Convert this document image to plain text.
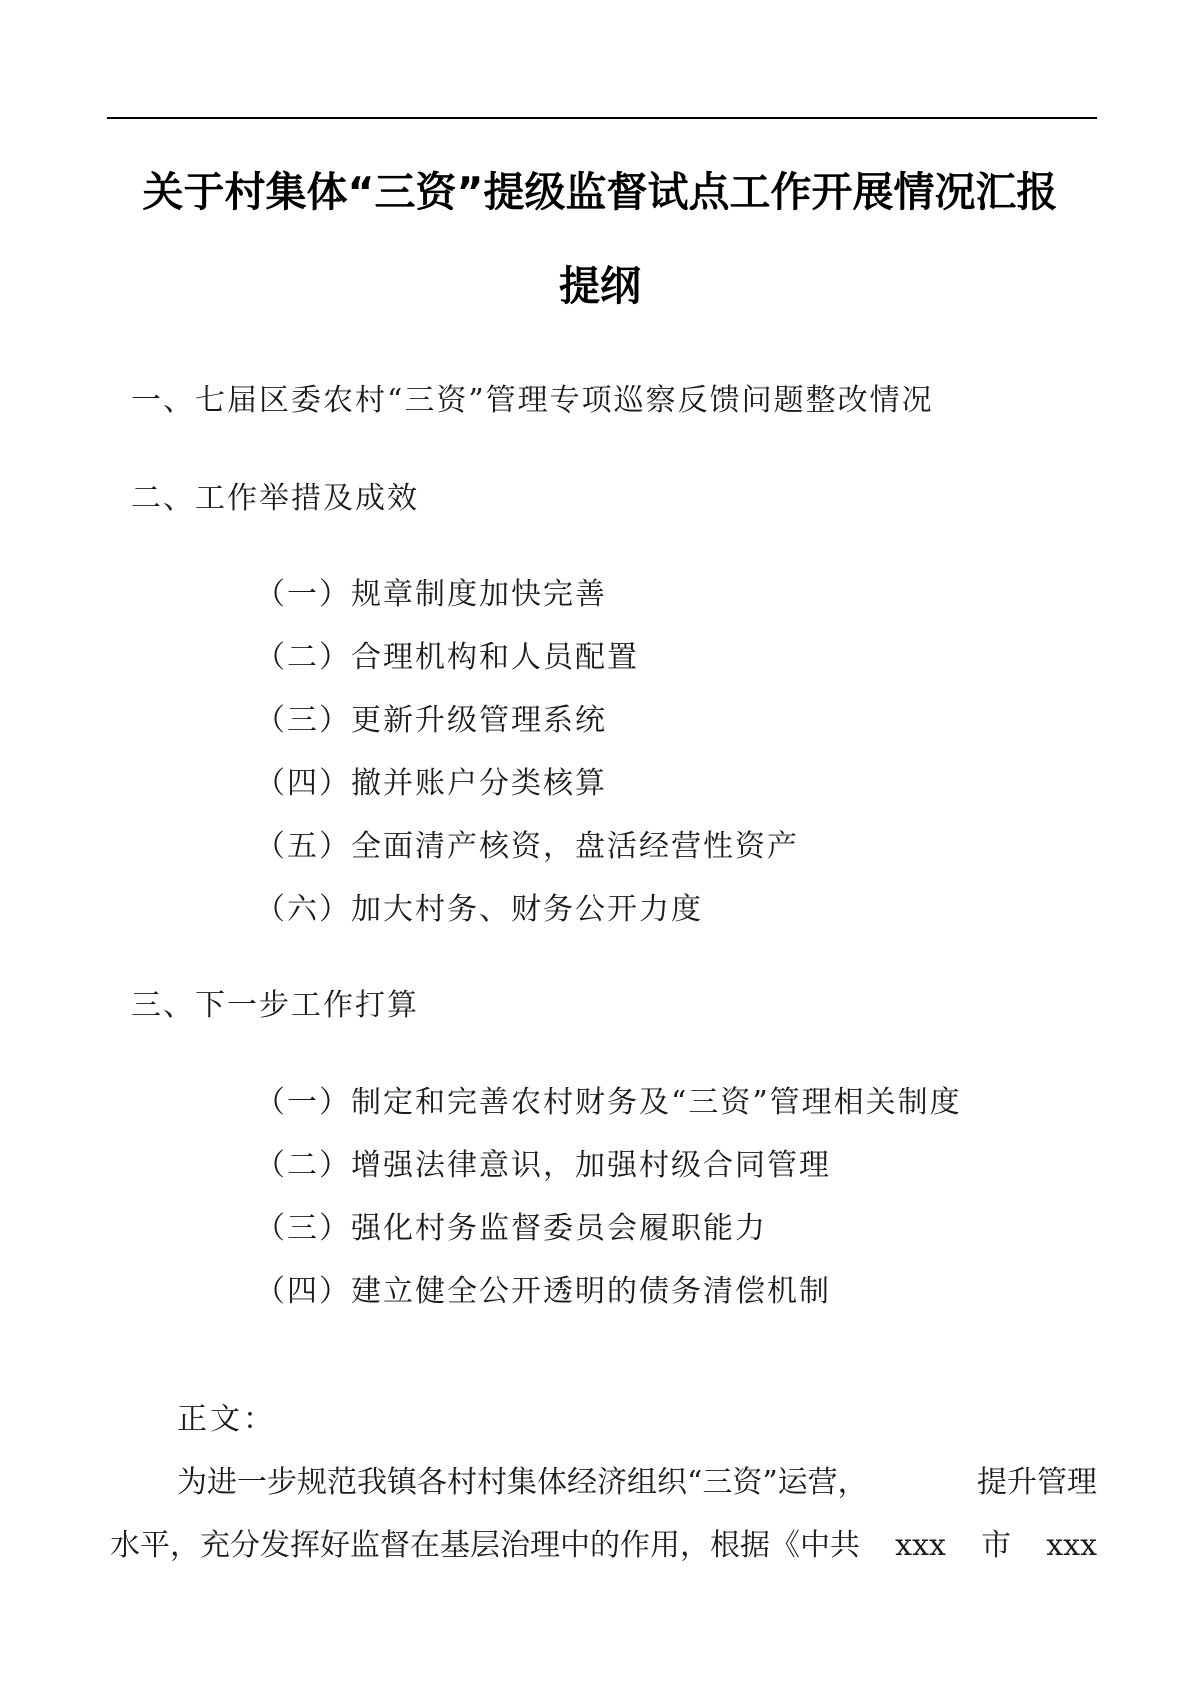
关于村集体“三资”提级监督试点工作开展情况汇报
提纲
一、七届区委农村“三资”管理专项巡察反馈问题整改情况
二、工作举措及成效
（一）规章制度加快完善
（二）合理机构和人员配置
（三）更新升级管理系统
（四）撤并账户分类核算
（五）全面清产核资，盘活经营性资产
（六）加大村务、财务公开力度
三、下一步工作打算
（一）制定和完善农村财务及“三资”管理相关制度
（二）增强法律意识，加强村级合同管理
（三）强化村务监督委员会履职能力
（四）建立健全公开透明的债务清偿机制
正文：
为进一步规范我镇各村村集体经济组织“三资”运营，	提升管理
水平，充分发挥好监督在基层治理中的作用，根据《中共 xxx 市 xxx
